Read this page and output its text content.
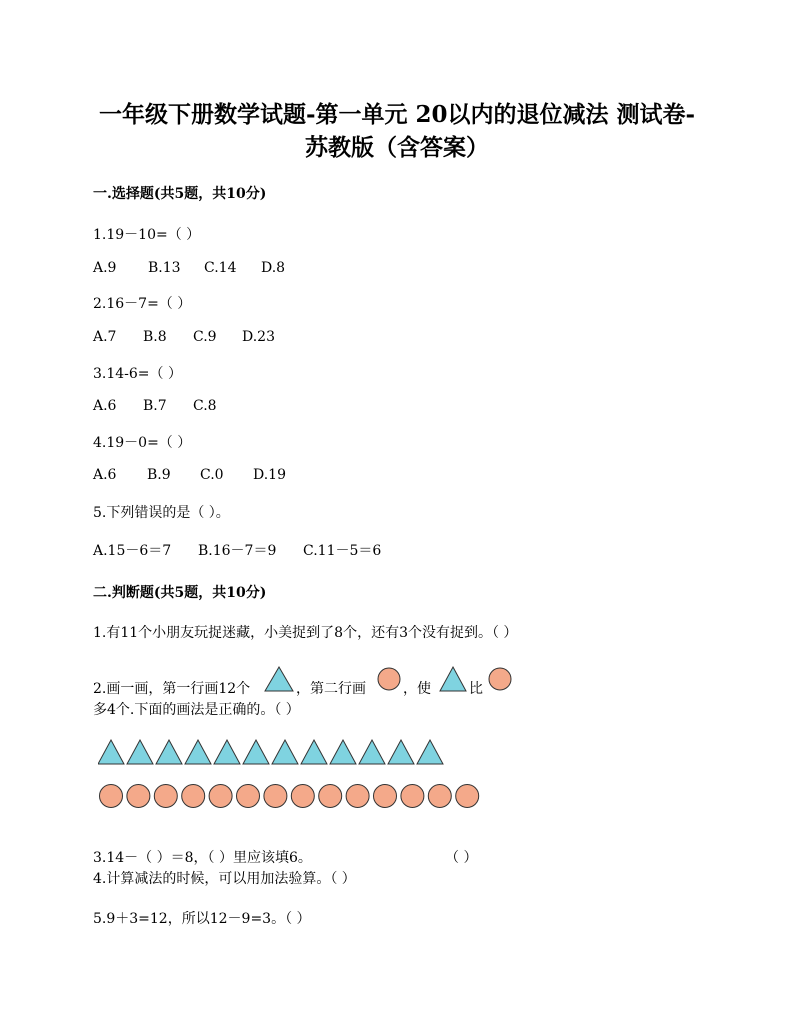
一年级下册数学试题-第一单元 20以内的退位减法 测试卷-
苏教版（含答案）
一.选择题(共5题，共10分)
1.19－10=（ ）
A.9 B.13 C.14 D.8
2.16－7=（ ）
A.7 B.8 C.9 D.23
3.14-6=（ ）
A.6 B.7 C.8
4.19－0=（ ）
A.6 B.9 C.0 D.19
5.下列错误的是（ ）。
A.15－6＝7 B.16－7＝9 C.11－5＝6
二.判断题(共5题，共10分)
1.有11个小朋友玩捉迷藏，小美捉到了8个，还有3个没有捉到。（ ）
2.画一画，第一行画12个	，第二行画	，使	比
多4个.下面的画法是正确的。（ ）
3.14－（ ）＝8，（ ）里应该填6。	（ ）
4.计算减法的时候，可以用加法验算。（ ）
5.9＋3=12，所以12－9=3。（ ）
